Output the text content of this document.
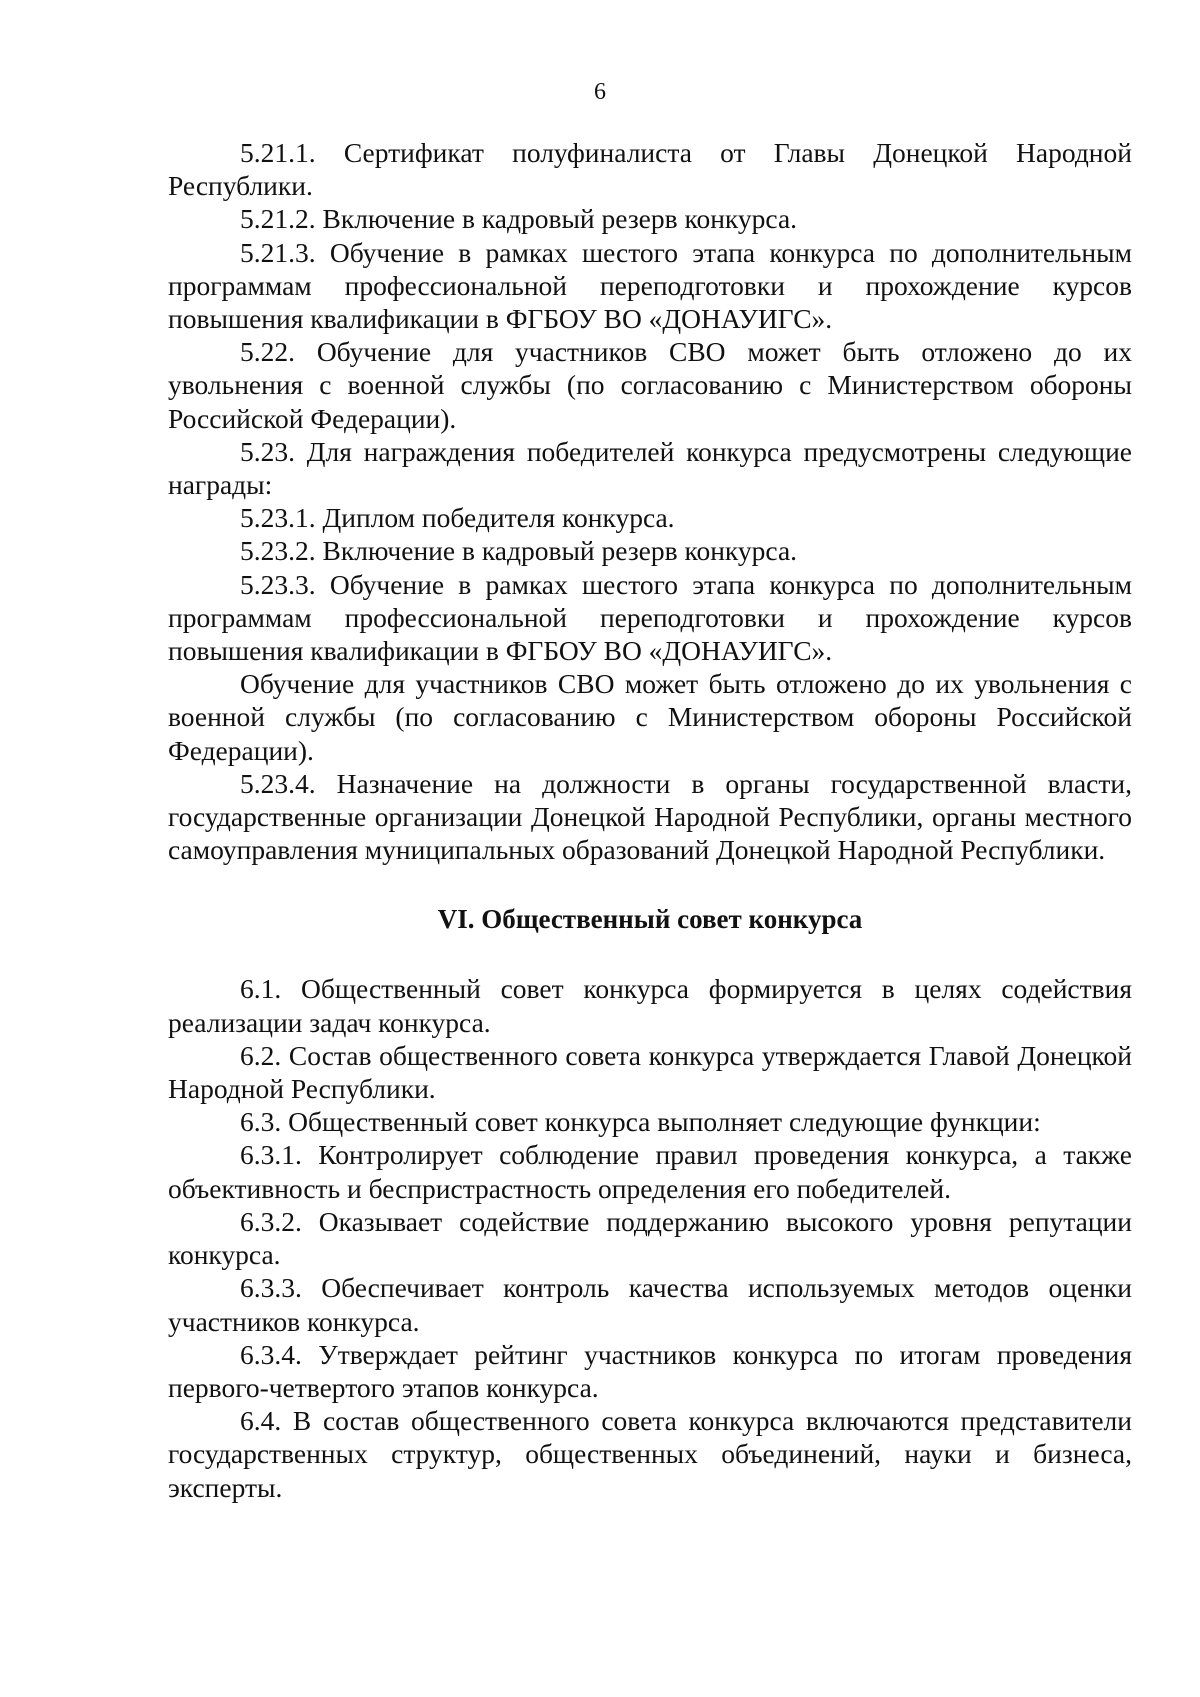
6

5.21.1. Сертификат полуфиналиста от Главы Донецкой Народной Республики.

5.21.2. Включение в кадровый резерв конкурса.

5.21.3. Обучение в рамках шестого этапа конкурса по дополнительным программам профессиональной переподготовки и прохождение курсов повышения квалификации в ФГБОУ ВО «ДОНАУИГС».

5.22. Обучение для участников СВО может быть отложено до их увольнения с военной службы (по согласованию с Министерством обороны Российской Федерации).

5.23. Для награждения победителей конкурса предусмотрены следующие награды:

5.23.1. Диплом победителя конкурса.

5.23.2. Включение в кадровый резерв конкурса.

5.23.3. Обучение в рамках шестого этапа конкурса по дополнительным программам профессиональной переподготовки и прохождение курсов повышения квалификации в ФГБОУ ВО «ДОНАУИГС».

Обучение для участников СВО может быть отложено до их увольнения с военной службы (по согласованию с Министерством обороны Российской Федерации).

5.23.4. Назначение на должности в органы государственной власти, государственные организации Донецкой Народной Республики, органы местного самоуправления муниципальных образований Донецкой Народной Республики.

VI. Общественный совет конкурса

6.1. Общественный совет конкурса формируется в целях содействия реализации задач конкурса.

6.2. Состав общественного совета конкурса утверждается Главой Донецкой Народной Республики.

6.3. Общественный совет конкурса выполняет следующие функции:

6.3.1. Контролирует соблюдение правил проведения конкурса, а также объективность и беспристрастность определения его победителей.

6.3.2. Оказывает содействие поддержанию высокого уровня репутации конкурса.

6.3.3. Обеспечивает контроль качества используемых методов оценки участников конкурса.

6.3.4. Утверждает рейтинг участников конкурса по итогам проведения первого-четвертого этапов конкурса.

6.4. В состав общественного совета конкурса включаются представители государственных структур, общественных объединений, науки и бизнеса, эксперты.
